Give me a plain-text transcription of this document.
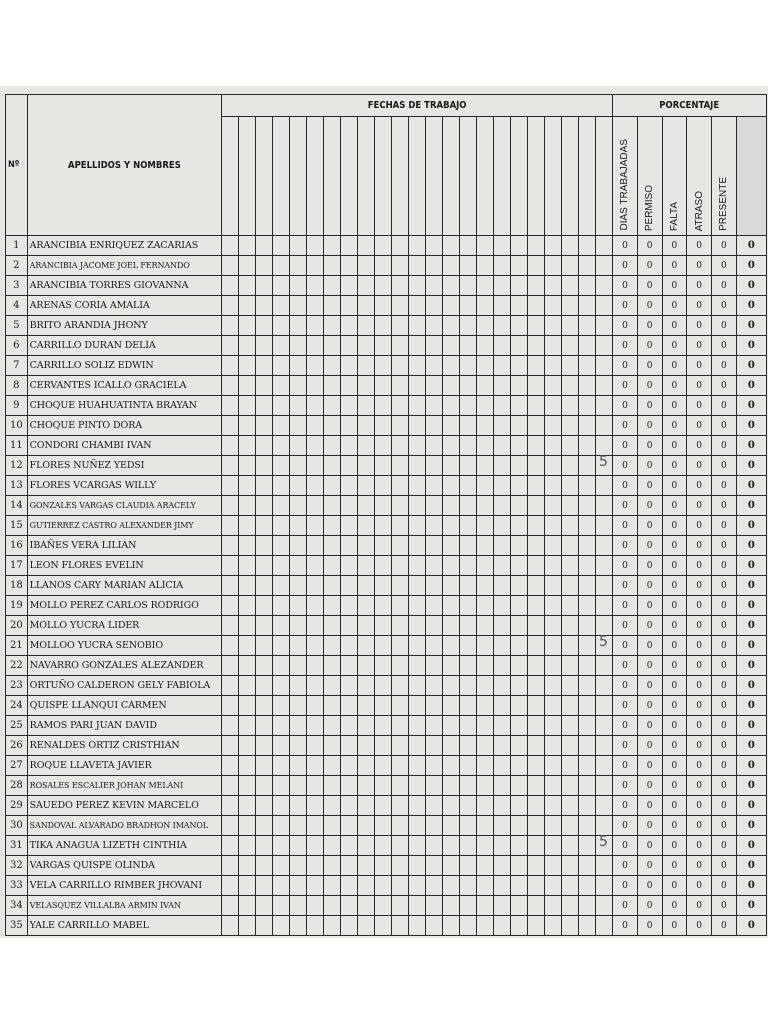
Nº	APELLIDOS Y NOMBRES	FECHAS DE TRABAJO																							PORCENTAJE					
																									DIAS TRABAJADAS	PERMISO	FALTA	ATRASO	PRESENTE	
1	ARANCIBIA ENRIQUEZ ZACARIAS																								0	0	0	0	0	0
2	ARANCIBIA JACOME JOEL FERNANDO																								0	0	0	0	0	0
3	ARANCIBIA TORRES GIOVANNA																								0	0	0	0	0	0
4	ARENAS CORIA AMALIA																								0	0	0	0	0	0
5	BRITO ARANDIA JHONY																								0	0	0	0	0	0
6	CARRILLO DURAN DELIA																								0	0	0	0	0	0
7	CARRILLO SOLIZ EDWIN																								0	0	0	0	0	0
8	CERVANTES ICALLO GRACIELA																								0	0	0	0	0	0
9	CHOQUE HUAHUATINTA BRAYAN																								0	0	0	0	0	0
10	CHOQUE PINTO DORA																								0	0	0	0	0	0
11	CONDORI CHAMBI IVAN																								0	0	0	0	0	0
12	FLORES NUÑEZ YEDSI																								0	0	0	0	0	0
13	FLORES VCARGAS WILLY																								0	0	0	0	0	0
14	GONZALES VARGAS CLAUDIA ARACELY																								0	0	0	0	0	0
15	GUTIERREZ CASTRO ALEXANDER JIMY																								0	0	0	0	0	0
16	IBAÑES VERA LILIAN																								0	0	0	0	0	0
17	LEON FLORES EVELIN																								0	0	0	0	0	0
18	LLANOS CARY MARIAN ALICIA																								0	0	0	0	0	0
19	MOLLO PEREZ CARLOS RODRIGO																								0	0	0	0	0	0
20	MOLLO YUCRA LIDER																								0	0	0	0	0	0
21	MOLLOO YUCRA SENOBIO																								0	0	0	0	0	0
22	NAVARRO GONZALES ALEZANDER																								0	0	0	0	0	0
23	ORTUÑO CALDERON GELY FABIOLA																								0	0	0	0	0	0
24	QUISPE LLANQUI CARMEN																								0	0	0	0	0	0
25	RAMOS PARI JUAN DAVID																								0	0	0	0	0	0
26	RENALDES ORTIZ CRISTHIAN																								0	0	0	0	0	0
27	ROQUE LLAVETA JAVIER																								0	0	0	0	0	0
28	ROSALES ESCALIER JOHAN MELANI																								0	0	0	0	0	0
29	SAUEDO PEREZ KEVIN MARCELO																								0	0	0	0	0	0
30	SANDOVAL ALVARADO BRADHON IMANOL																								0	0	0	0	0	0
31	TIKA ANAGUA LIZETH CINTHIA																								0	0	0	0	0	0
32	VARGAS QUISPE OLINDA																								0	0	0	0	0	0
33	VELA CARRILLO RIMBER JHOVANI																								0	0	0	0	0	0
34	VELASQUEZ VILLALBA ARMIN IVAN																								0	0	0	0	0	0
35	YALE CARRILLO MABEL																								0	0	0	0	0	0
5
5
5
